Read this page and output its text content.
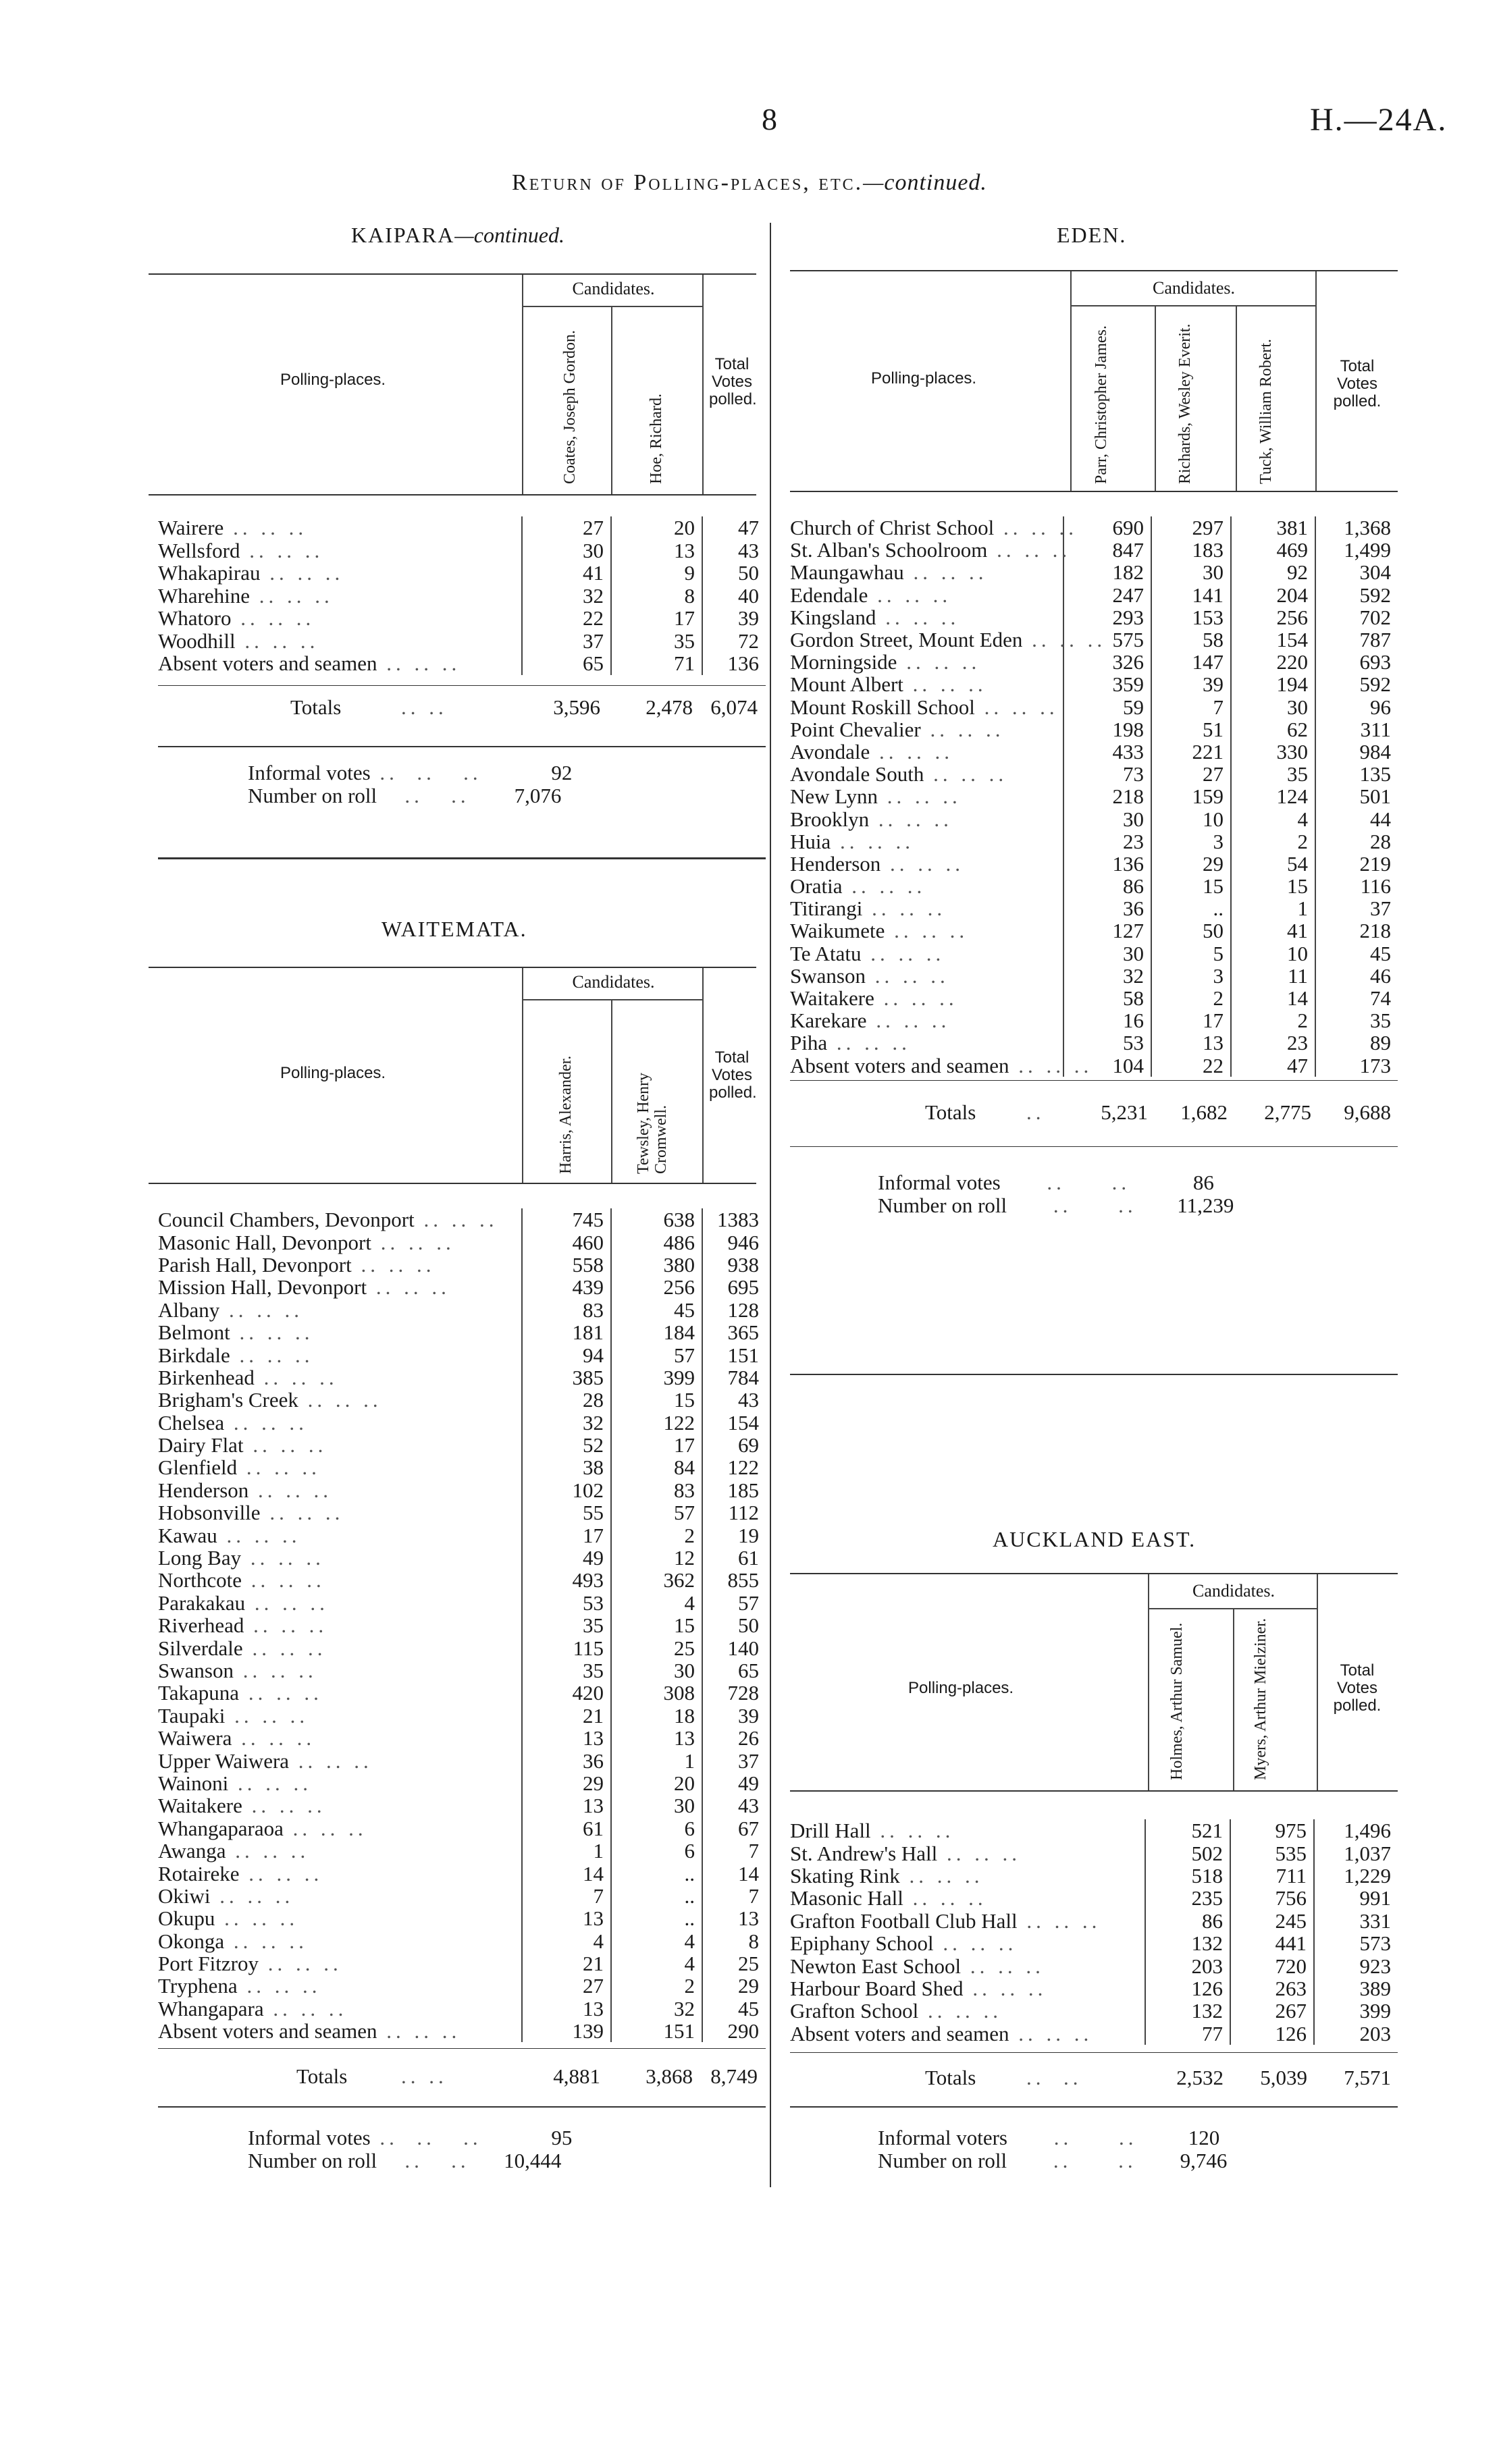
8	H.—24A.
Return of Polling-places, etc.—continued.
KAIPARA—continued.
Polling-places.
Candidates.
Coates, Joseph Gordon.	Hoe, Richard.
Total Votes polled.
Wairere .. .. ..	27	20	47
Wellsford .. .. ..	30	13	43
Whakapirau .. .. ..	41	9	50
Wharehine .. .. ..	32	8	40
Whatoro .. .. ..	22	17	39
Woodhill .. .. ..	37	35	72
Absent voters and seamen .. .. ..	65	71	136
Totals	.. ..	3,596 2,478 6,074
Informal votes ..  ..   ..	92
Number on roll   ..   .. 7,076
WAITEMATA.
Polling-places.
Candidates.
Harris, Alexander.	Tewsley, Henry Cromwell.
Total Votes polled.
Council Chambers, Devonport .. .. ..	745	638	1383
Masonic Hall, Devonport .. .. ..	460	486	946
Parish Hall, Devonport .. .. ..	558	380	938
Mission Hall, Devonport .. .. ..	439	256	695
Albany .. .. ..	83	45	128
Belmont .. .. ..	181	184	365
Birkdale .. .. ..	94	57	151
Birkenhead .. .. ..	385	399	784
Brigham's Creek .. .. ..	28	15	43
Chelsea .. .. ..	32	122	154
Dairy Flat .. .. ..	52	17	69
Glenfield .. .. ..	38	84	122
Henderson .. .. ..	102	83	185
Hobsonville .. .. ..	55	57	112
Kawau .. .. ..	17	2	19
Long Bay .. .. ..	49	12	61
Northcote .. .. ..	493	362	855
Parakakau .. .. ..	53	4	57
Riverhead .. .. ..	35	15	50
Silverdale .. .. ..	115	25	140
Swanson .. .. ..	35	30	65
Takapuna .. .. ..	420	308	728
Taupaki .. .. ..	21	18	39
Waiwera .. .. ..	13	13	26
Upper Waiwera .. .. ..	36	1	37
Wainoni .. .. ..	29	20	49
Waitakere .. .. ..	13	30	43
Whangaparaoa .. .. ..	61	6	67
Awanga .. .. ..	1	6	7
Rotaireke .. .. ..	14	..	14
Okiwi .. .. ..	7	..	7
Okupu .. .. ..	13	..	13
Okonga .. .. ..	4	4	8
Port Fitzroy .. .. ..	21	4	25
Tryphena .. .. ..	27	2	29
Whangapara .. .. ..	13	32	45
Absent voters and seamen .. .. ..	139	151	290
Totals	.. ..	4,881 3,868 8,749
Informal votes ..  ..   ..	95
Number on roll   ..   .. 10,444
EDEN.
Polling-places.
Candidates.
Parr, Christopher James.	Richards, Wesley Everit.	Tuck, William Robert.	Total Votes polled.
Church of Christ School .. .. ..	690	297	381	1,368
St. Alban's Schoolroom .. .. ..	847	183	469	1,499
Maungawhau .. .. ..	182	30	92	304
Edendale .. .. ..	247	141	204	592
Kingsland .. .. ..	293	153	256	702
Gordon Street, Mount Eden .. .. ..	575	58	154	787
Morningside .. .. ..	326	147	220	693
Mount Albert .. .. ..	359	39	194	592
Mount Roskill School .. .. ..	59	7	30	96
Point Chevalier .. .. ..	198	51	62	311
Avondale .. .. ..	433	221	330	984
Avondale South .. .. ..	73	27	35	135
New Lynn .. .. ..	218	159	124	501
Brooklyn .. .. ..	30	10	4	44
Huia .. .. ..	23	3	2	28
Henderson .. .. ..	136	29	54	219
Oratia .. .. ..	86	15	15	116
Titirangi .. .. ..	36	..	1	37
Waikumete .. .. ..	127	50	41	218
Te Atatu .. .. ..	30	5	10	45
Swanson .. .. ..	32	3	11	46
Waitakere .. .. ..	58	2	14	74
Karekare .. .. ..	16	17	2	35
Piha .. .. ..	53	13	23	89
Absent voters and seamen .. .. ..	104	22	47	173
Totals ..	5,231 1,682 2,775 9,688
Informal votes     ..     ..	86
Number on roll     ..     .. 11,239
AUCKLAND EAST.
Polling-places.
Candidates.
Holmes, Arthur Samuel.	Myers, Arthur Mielziner.	Total Votes polled.
Drill Hall .. .. ..	521	975	1,496
St. Andrew's Hall .. .. ..	502	535	1,037
Skating Rink .. .. ..	518	711	1,229
Masonic Hall .. .. ..	235	756	991
Grafton Football Club Hall .. .. ..	86	245	331
Epiphany School .. .. ..	132	441	573
Newton East School .. .. ..	203	720	923
Harbour Board Shed .. .. ..	126	263	389
Grafton School .. .. ..	132	267	399
Absent voters and seamen .. .. ..	77	126	203
Totals ..  ..	2,532 5,039 7,571
Informal voters     ..     .. 120
Number on roll     ..     .. 9,746
